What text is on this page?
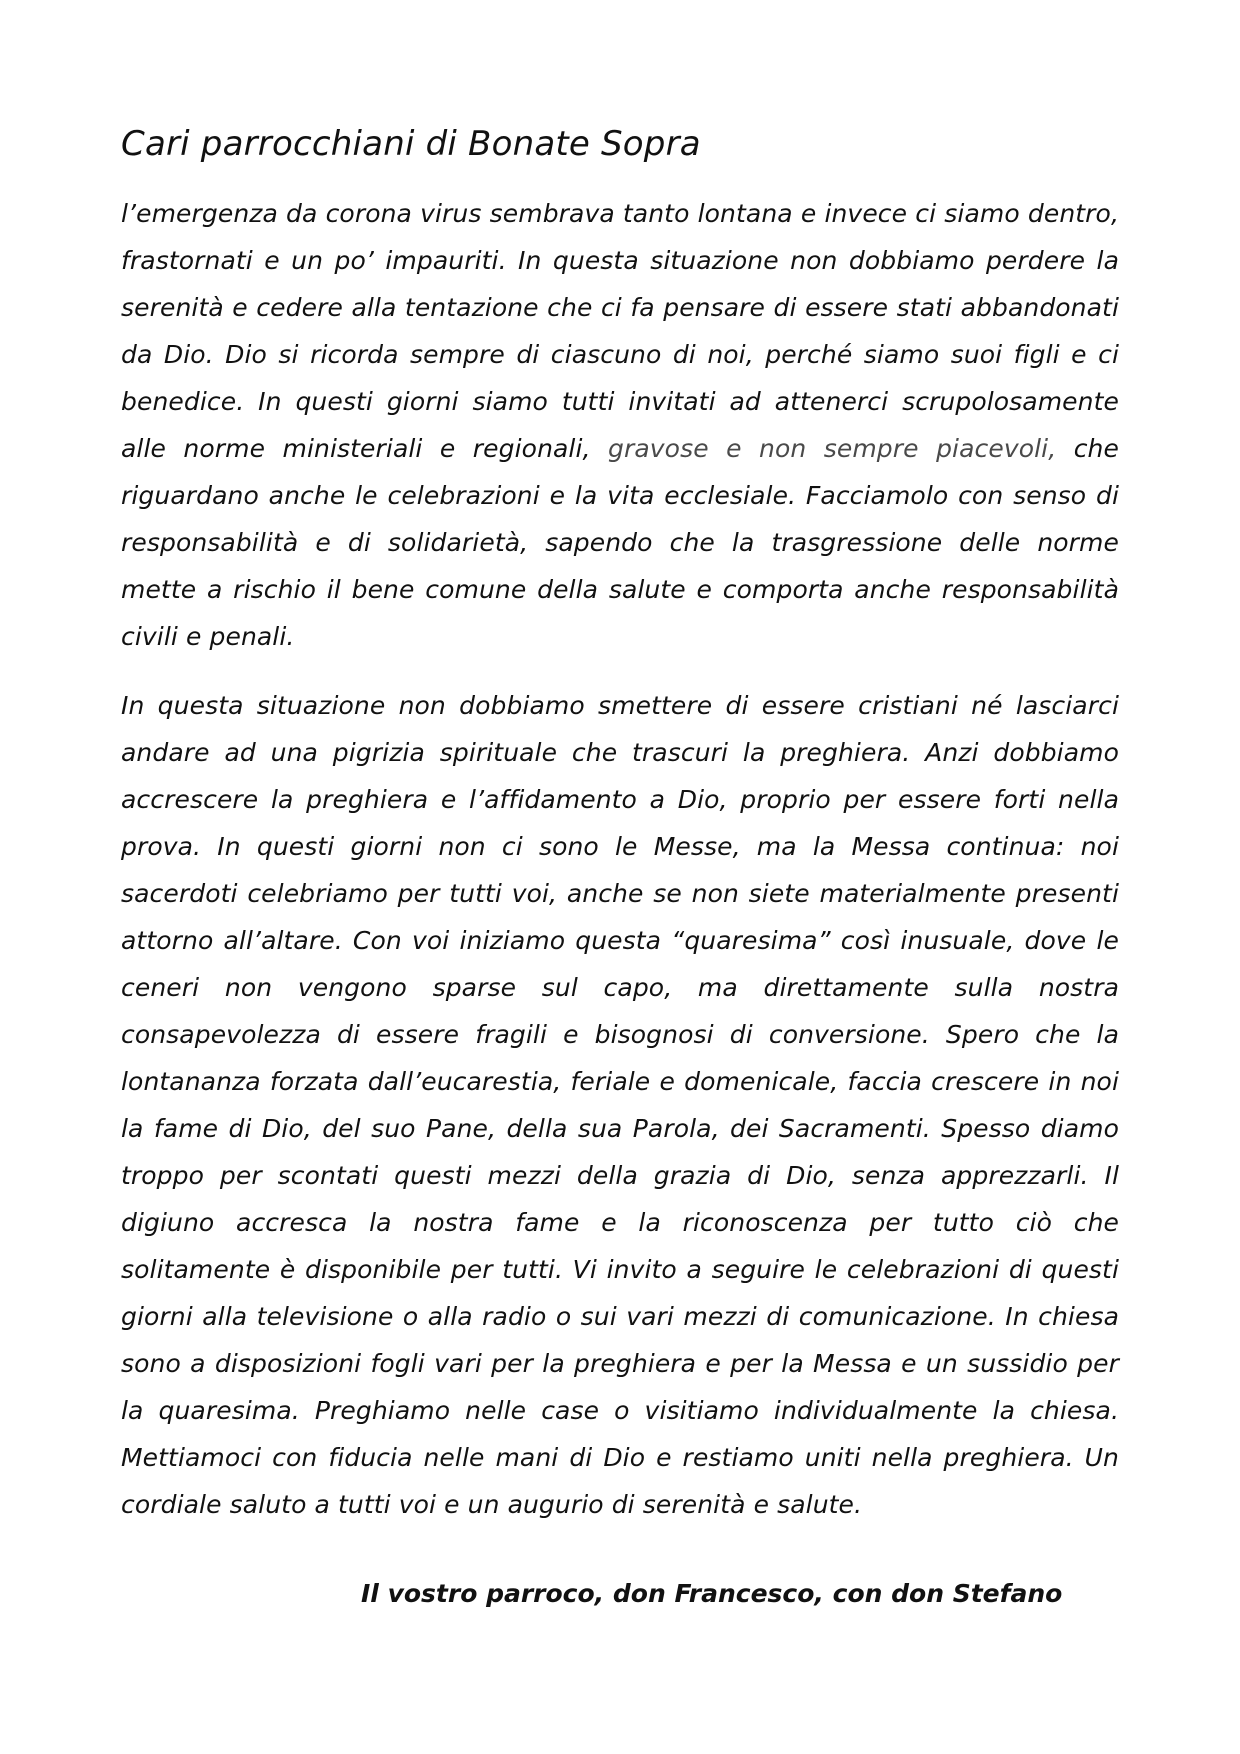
Cari parrocchiani di Bonate Sopra

l’emergenza da corona virus sembrava tanto lontana e invece ci siamo dentro, frastornati e un po’ impauriti. In questa situazione non dobbiamo perdere la serenità e cedere alla tentazione che ci fa pensare di essere stati abbandonati da Dio. Dio si ricorda sempre di ciascuno di noi, perché siamo suoi figli e ci benedice. In questi giorni siamo tutti invitati ad attenerci scrupolosamente alle norme ministeriali e regionali, gravose e non sempre piacevoli, che riguardano anche le celebrazioni e la vita ecclesiale. Facciamolo con senso di responsabilità e di solidarietà, sapendo che la trasgressione delle norme mette a rischio il bene comune della salute e comporta anche responsabilità civili e penali.

In questa situazione non dobbiamo smettere di essere cristiani né lasciarci andare ad una pigrizia spirituale che trascuri la preghiera. Anzi dobbiamo accrescere la preghiera e l’affidamento a Dio, proprio per essere forti nella prova. In questi giorni non ci sono le Messe, ma la Messa continua: noi sacerdoti celebriamo per tutti voi, anche se non siete materialmente presenti attorno all’altare. Con voi iniziamo questa “quaresima” così inusuale, dove le ceneri non vengono sparse sul capo, ma direttamente sulla nostra consapevolezza di essere fragili e bisognosi di conversione. Spero che la lontananza forzata dall’eucarestia, feriale e domenicale, faccia crescere in noi la fame di Dio, del suo Pane, della sua Parola, dei Sacramenti. Spesso diamo troppo per scontati questi mezzi della grazia di Dio, senza apprezzarli. Il digiuno accresca la nostra fame e la riconoscenza per tutto ciò che solitamente è disponibile per tutti. Vi invito a seguire le celebrazioni di questi giorni alla televisione o alla radio o sui vari mezzi di comunicazione. In chiesa sono a disposizioni fogli vari per la preghiera e per la Messa e un sussidio per la quaresima. Preghiamo nelle case o visitiamo individualmente la chiesa. Mettiamoci con fiducia nelle mani di Dio e restiamo uniti nella preghiera. Un cordiale saluto a tutti voi e un augurio di serenità e salute.

Il vostro parroco, don Francesco, con don Stefano
